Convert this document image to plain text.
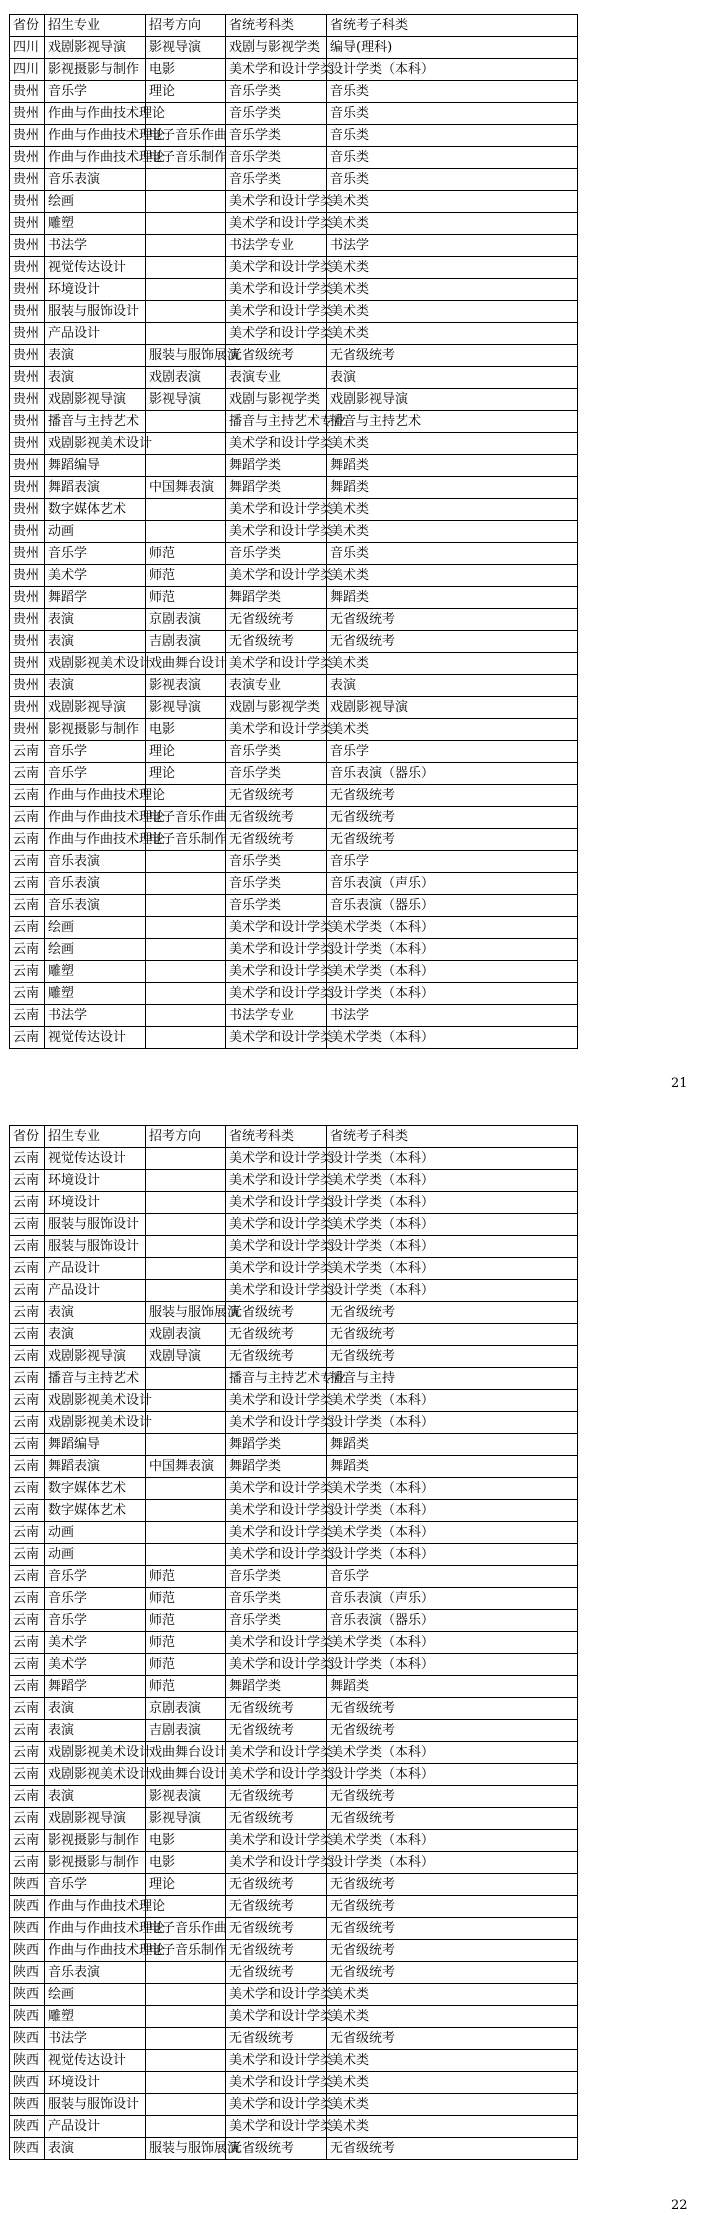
省份	招生专业	招考方向	省统考科类	省统考子科类
四川	戏剧影视导演	影视导演	戏剧与影视学类	编导(理科)
四川	影视摄影与制作	电影	美术学和设计学类	设计学类（本科）
贵州	音乐学	理论	音乐学类	音乐类
贵州	作曲与作曲技术理论		音乐学类	音乐类
贵州	作曲与作曲技术理论	电子音乐作曲	音乐学类	音乐类
贵州	作曲与作曲技术理论	电子音乐制作	音乐学类	音乐类
贵州	音乐表演		音乐学类	音乐类
贵州	绘画		美术学和设计学类	美术类
贵州	雕塑		美术学和设计学类	美术类
贵州	书法学		书法学专业	书法学
贵州	视觉传达设计		美术学和设计学类	美术类
贵州	环境设计		美术学和设计学类	美术类
贵州	服装与服饰设计		美术学和设计学类	美术类
贵州	产品设计		美术学和设计学类	美术类
贵州	表演	服装与服饰展演	无省级统考	无省级统考
贵州	表演	戏剧表演	表演专业	表演
贵州	戏剧影视导演	影视导演	戏剧与影视学类	戏剧影视导演
贵州	播音与主持艺术		播音与主持艺术专业	播音与主持艺术
贵州	戏剧影视美术设计		美术学和设计学类	美术类
贵州	舞蹈编导		舞蹈学类	舞蹈类
贵州	舞蹈表演	中国舞表演	舞蹈学类	舞蹈类
贵州	数字媒体艺术		美术学和设计学类	美术类
贵州	动画		美术学和设计学类	美术类
贵州	音乐学	师范	音乐学类	音乐类
贵州	美术学	师范	美术学和设计学类	美术类
贵州	舞蹈学	师范	舞蹈学类	舞蹈类
贵州	表演	京剧表演	无省级统考	无省级统考
贵州	表演	吉剧表演	无省级统考	无省级统考
贵州	戏剧影视美术设计	戏曲舞台设计	美术学和设计学类	美术类
贵州	表演	影视表演	表演专业	表演
贵州	戏剧影视导演	影视导演	戏剧与影视学类	戏剧影视导演
贵州	影视摄影与制作	电影	美术学和设计学类	美术类
云南	音乐学	理论	音乐学类	音乐学
云南	音乐学	理论	音乐学类	音乐表演（器乐）
云南	作曲与作曲技术理论		无省级统考	无省级统考
云南	作曲与作曲技术理论	电子音乐作曲	无省级统考	无省级统考
云南	作曲与作曲技术理论	电子音乐制作	无省级统考	无省级统考
云南	音乐表演		音乐学类	音乐学
云南	音乐表演		音乐学类	音乐表演（声乐）
云南	音乐表演		音乐学类	音乐表演（器乐）
云南	绘画		美术学和设计学类	美术学类（本科）
云南	绘画		美术学和设计学类	设计学类（本科）
云南	雕塑		美术学和设计学类	美术学类（本科）
云南	雕塑		美术学和设计学类	设计学类（本科）
云南	书法学		书法学专业	书法学
云南	视觉传达设计		美术学和设计学类	美术学类（本科）
21
省份	招生专业	招考方向	省统考科类	省统考子科类
云南	视觉传达设计		美术学和设计学类	设计学类（本科）
云南	环境设计		美术学和设计学类	美术学类（本科）
云南	环境设计		美术学和设计学类	设计学类（本科）
云南	服装与服饰设计		美术学和设计学类	美术学类（本科）
云南	服装与服饰设计		美术学和设计学类	设计学类（本科）
云南	产品设计		美术学和设计学类	美术学类（本科）
云南	产品设计		美术学和设计学类	设计学类（本科）
云南	表演	服装与服饰展演	无省级统考	无省级统考
云南	表演	戏剧表演	无省级统考	无省级统考
云南	戏剧影视导演	戏剧导演	无省级统考	无省级统考
云南	播音与主持艺术		播音与主持艺术专业	播音与主持
云南	戏剧影视美术设计		美术学和设计学类	美术学类（本科）
云南	戏剧影视美术设计		美术学和设计学类	设计学类（本科）
云南	舞蹈编导		舞蹈学类	舞蹈类
云南	舞蹈表演	中国舞表演	舞蹈学类	舞蹈类
云南	数字媒体艺术		美术学和设计学类	美术学类（本科）
云南	数字媒体艺术		美术学和设计学类	设计学类（本科）
云南	动画		美术学和设计学类	美术学类（本科）
云南	动画		美术学和设计学类	设计学类（本科）
云南	音乐学	师范	音乐学类	音乐学
云南	音乐学	师范	音乐学类	音乐表演（声乐）
云南	音乐学	师范	音乐学类	音乐表演（器乐）
云南	美术学	师范	美术学和设计学类	美术学类（本科）
云南	美术学	师范	美术学和设计学类	设计学类（本科）
云南	舞蹈学	师范	舞蹈学类	舞蹈类
云南	表演	京剧表演	无省级统考	无省级统考
云南	表演	吉剧表演	无省级统考	无省级统考
云南	戏剧影视美术设计	戏曲舞台设计	美术学和设计学类	美术学类（本科）
云南	戏剧影视美术设计	戏曲舞台设计	美术学和设计学类	设计学类（本科）
云南	表演	影视表演	无省级统考	无省级统考
云南	戏剧影视导演	影视导演	无省级统考	无省级统考
云南	影视摄影与制作	电影	美术学和设计学类	美术学类（本科）
云南	影视摄影与制作	电影	美术学和设计学类	设计学类（本科）
陕西	音乐学	理论	无省级统考	无省级统考
陕西	作曲与作曲技术理论		无省级统考	无省级统考
陕西	作曲与作曲技术理论	电子音乐作曲	无省级统考	无省级统考
陕西	作曲与作曲技术理论	电子音乐制作	无省级统考	无省级统考
陕西	音乐表演		无省级统考	无省级统考
陕西	绘画		美术学和设计学类	美术类
陕西	雕塑		美术学和设计学类	美术类
陕西	书法学		无省级统考	无省级统考
陕西	视觉传达设计		美术学和设计学类	美术类
陕西	环境设计		美术学和设计学类	美术类
陕西	服装与服饰设计		美术学和设计学类	美术类
陕西	产品设计		美术学和设计学类	美术类
陕西	表演	服装与服饰展演	无省级统考	无省级统考
22
